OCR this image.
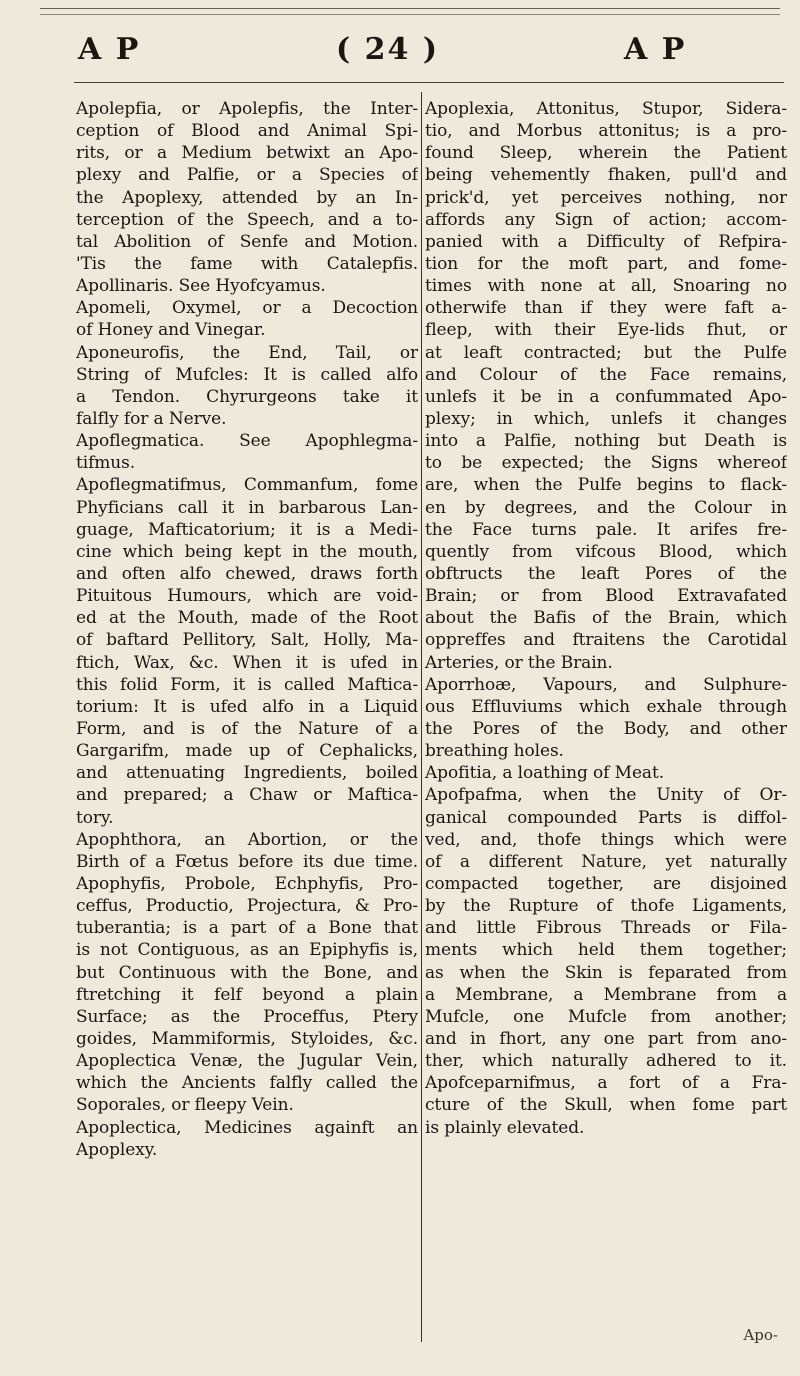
A P	( 24 )	A P
Apolepfia, or Apolepfis, the Inter-
ception of Blood and Animal Spi-
rits, or a Medium betwixt an Apo-
plexy and Palfie, or a Species of
the Apoplexy, attended by an In-
terception of the Speech, and a to-
tal Abolition of Senfe and Motion.
'Tis the fame with Catalepfis.
Apollinaris. See Hyofcyamus.
Apomeli, Oxymel, or a Decoction
of Honey and Vinegar.
Aponeurofis, the End, Tail, or
String of Mufcles: It is called alfo
a Tendon. Chyrurgeons take it
falfly for a Nerve.
Apoflegmatica. See Apophlegma-
tifmus.
Apoflegmatifmus, Commanfum, fome
Phyficians call it in barbarous Lan-
guage, Mafticatorium; it is a Medi-
cine which being kept in the mouth,
and often alfo chewed, draws forth
Pituitous Humours, which are void-
ed at the Mouth, made of the Root
of baftard Pellitory, Salt, Holly, Ma-
ftich, Wax, &c. When it is ufed in
this folid Form, it is called Maftica-
torium: It is ufed alfo in a Liquid
Form, and is of the Nature of a
Gargarifm, made up of Cephalicks,
and attenuating Ingredients, boiled
and prepared; a Chaw or Maftica-
tory.
Apophthora, an Abortion, or the
Birth of a Fœtus before its due time.
Apophyfis, Probole, Echphyfis, Pro-
ceffus, Productio, Projectura, & Pro-
tuberantia; is a part of a Bone that
is not Contiguous, as an Epiphyfis is,
but Continuous with the Bone, and
ftretching it felf beyond a plain
Surface; as the Proceffus, Ptery
goides, Mammiformis, Styloides, &c.
Apoplectica Venæ, the Jugular Vein,
which the Ancients falfly called the
Soporales, or fleepy Vein.
Apoplectica, Medicines againft an
Apoplexy.
Apoplexia, Attonitus, Stupor, Sidera-
tio, and Morbus attonitus; is a pro-
found Sleep, wherein the Patient
being vehemently fhaken, pull'd and
prick'd, yet perceives nothing, nor
affords any Sign of action; accom-
panied with a Difficulty of Refpira-
tion for the moft part, and fome-
times with none at all, Snoaring no
otherwife than if they were faft a-
fleep, with their Eye-lids fhut, or
at leaft contracted; but the Pulfe
and Colour of the Face remains,
unlefs it be in a confummated Apo-
plexy; in which, unlefs it changes
into a Palfie, nothing but Death is
to be expected; the Signs whereof
are, when the Pulfe begins to flack-
en by degrees, and the Colour in
the Face turns pale. It arifes fre-
quently from vifcous Blood, which
obftructs the leaft Pores of the
Brain; or from Blood Extravafated
about the Bafis of the Brain, which
oppreffes and ftraitens the Carotidal
Arteries, or the Brain.
Aporrhoæ, Vapours, and Sulphure-
ous Effluviums which exhale through
the Pores of the Body, and other
breathing holes.
Apofitia, a loathing of Meat.
Apofpafma, when the Unity of Or-
ganical compounded Parts is diffol-
ved, and, thofe things which were
of a different Nature, yet naturally
compacted together, are disjoined
by the Rupture of thofe Ligaments,
and little Fibrous Threads or Fila-
ments which held them together;
as when the Skin is feparated from
a Membrane, a Membrane from a
Mufcle, one Mufcle from another;
and in fhort, any one part from ano-
ther, which naturally adhered to it.
Apofceparnifmus, a fort of a Fra-
cture of the Skull, when fome part
is plainly elevated.
Apo-
